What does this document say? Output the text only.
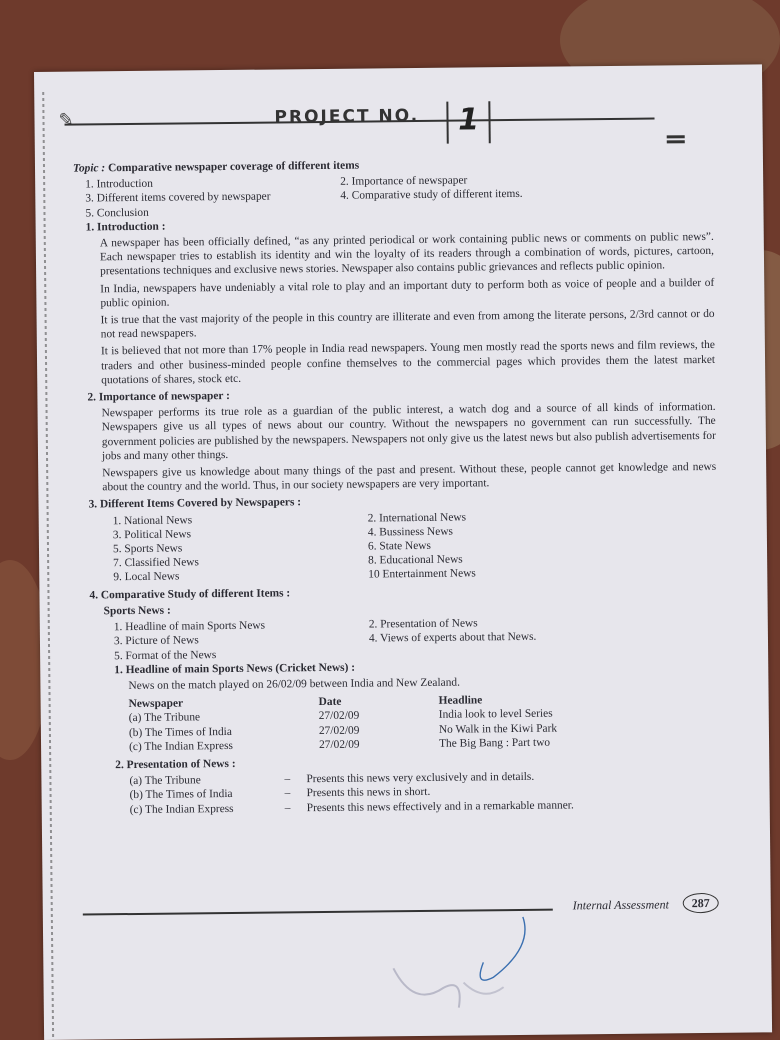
✎	PROJECT NO.	1

Topic : Comparative newspaper coverage of different items

1. Introduction	2. Importance of newspaper
3. Different items covered by newspaper	4. Comparative study of different items.
5. Conclusion

1. Introduction :

A newspaper has been officially defined, “as any printed periodical or work containing public news or comments on public news”. Each newspaper tries to establish its identity and win the loyalty of its readers through a combination of words, pictures, cartoon, presentations techniques and exclusive news stories. Newspaper also contains public grievances and reflects public opinion.

In India, newspapers have undeniably a vital role to play and an important duty to perform both as voice of people and a builder of public opinion.

It is true that the vast majority of the people in this country are illiterate and even from among the literate persons, 2/3rd cannot or do not read newspapers.

It is believed that not more than 17% people in India read newspapers. Young men mostly read the sports news and film reviews, the traders and other business-minded people confine themselves to the commercial pages which provides them the latest market quotations of shares, stock etc.

2. Importance of newspaper :

Newspaper performs its true role as a guardian of the public interest, a watch dog and a source of all kinds of information. Newspapers give us all types of news about our country. Without the newspapers no government can run successfully. The government policies are published by the newspapers. Newspapers not only give us the latest news but also publish advertisements for jobs and many other things.

Newspapers give us knowledge about many things of the past and present. Without these, people cannot get knowledge and news about the country and the world. Thus, in our society newspapers are very important.

3. Different Items Covered by Newspapers :

1. National News	2. International News
3. Political News	4. Bussiness News
5. Sports News	6. State News
7. Classified News	8. Educational News
9. Local News	10 Entertainment News

4. Comparative Study of different Items :

Sports News :

1. Headline of main Sports News	2. Presentation of News
3. Picture of News	4. Views of experts about that News.
5. Format of the News

1. Headline of main Sports News (Cricket News) :

News on the match played on 26/02/09 between India and New Zealand.

Newspaper	Date	Headline
(a) The Tribune	27/02/09	India look to level Series
(b) The Times of India	27/02/09	No Walk in the Kiwi Park
(c) The Indian Express	27/02/09	The Big Bang : Part two

2. Presentation of News :

(a) The Tribune	–	Presents this news very exclusively and in details.
(b) The Times of India	–	Presents this news in short.
(c) The Indian Express	–	Presents this news effectively and in a remarkable manner.
Internal Assessment	287
